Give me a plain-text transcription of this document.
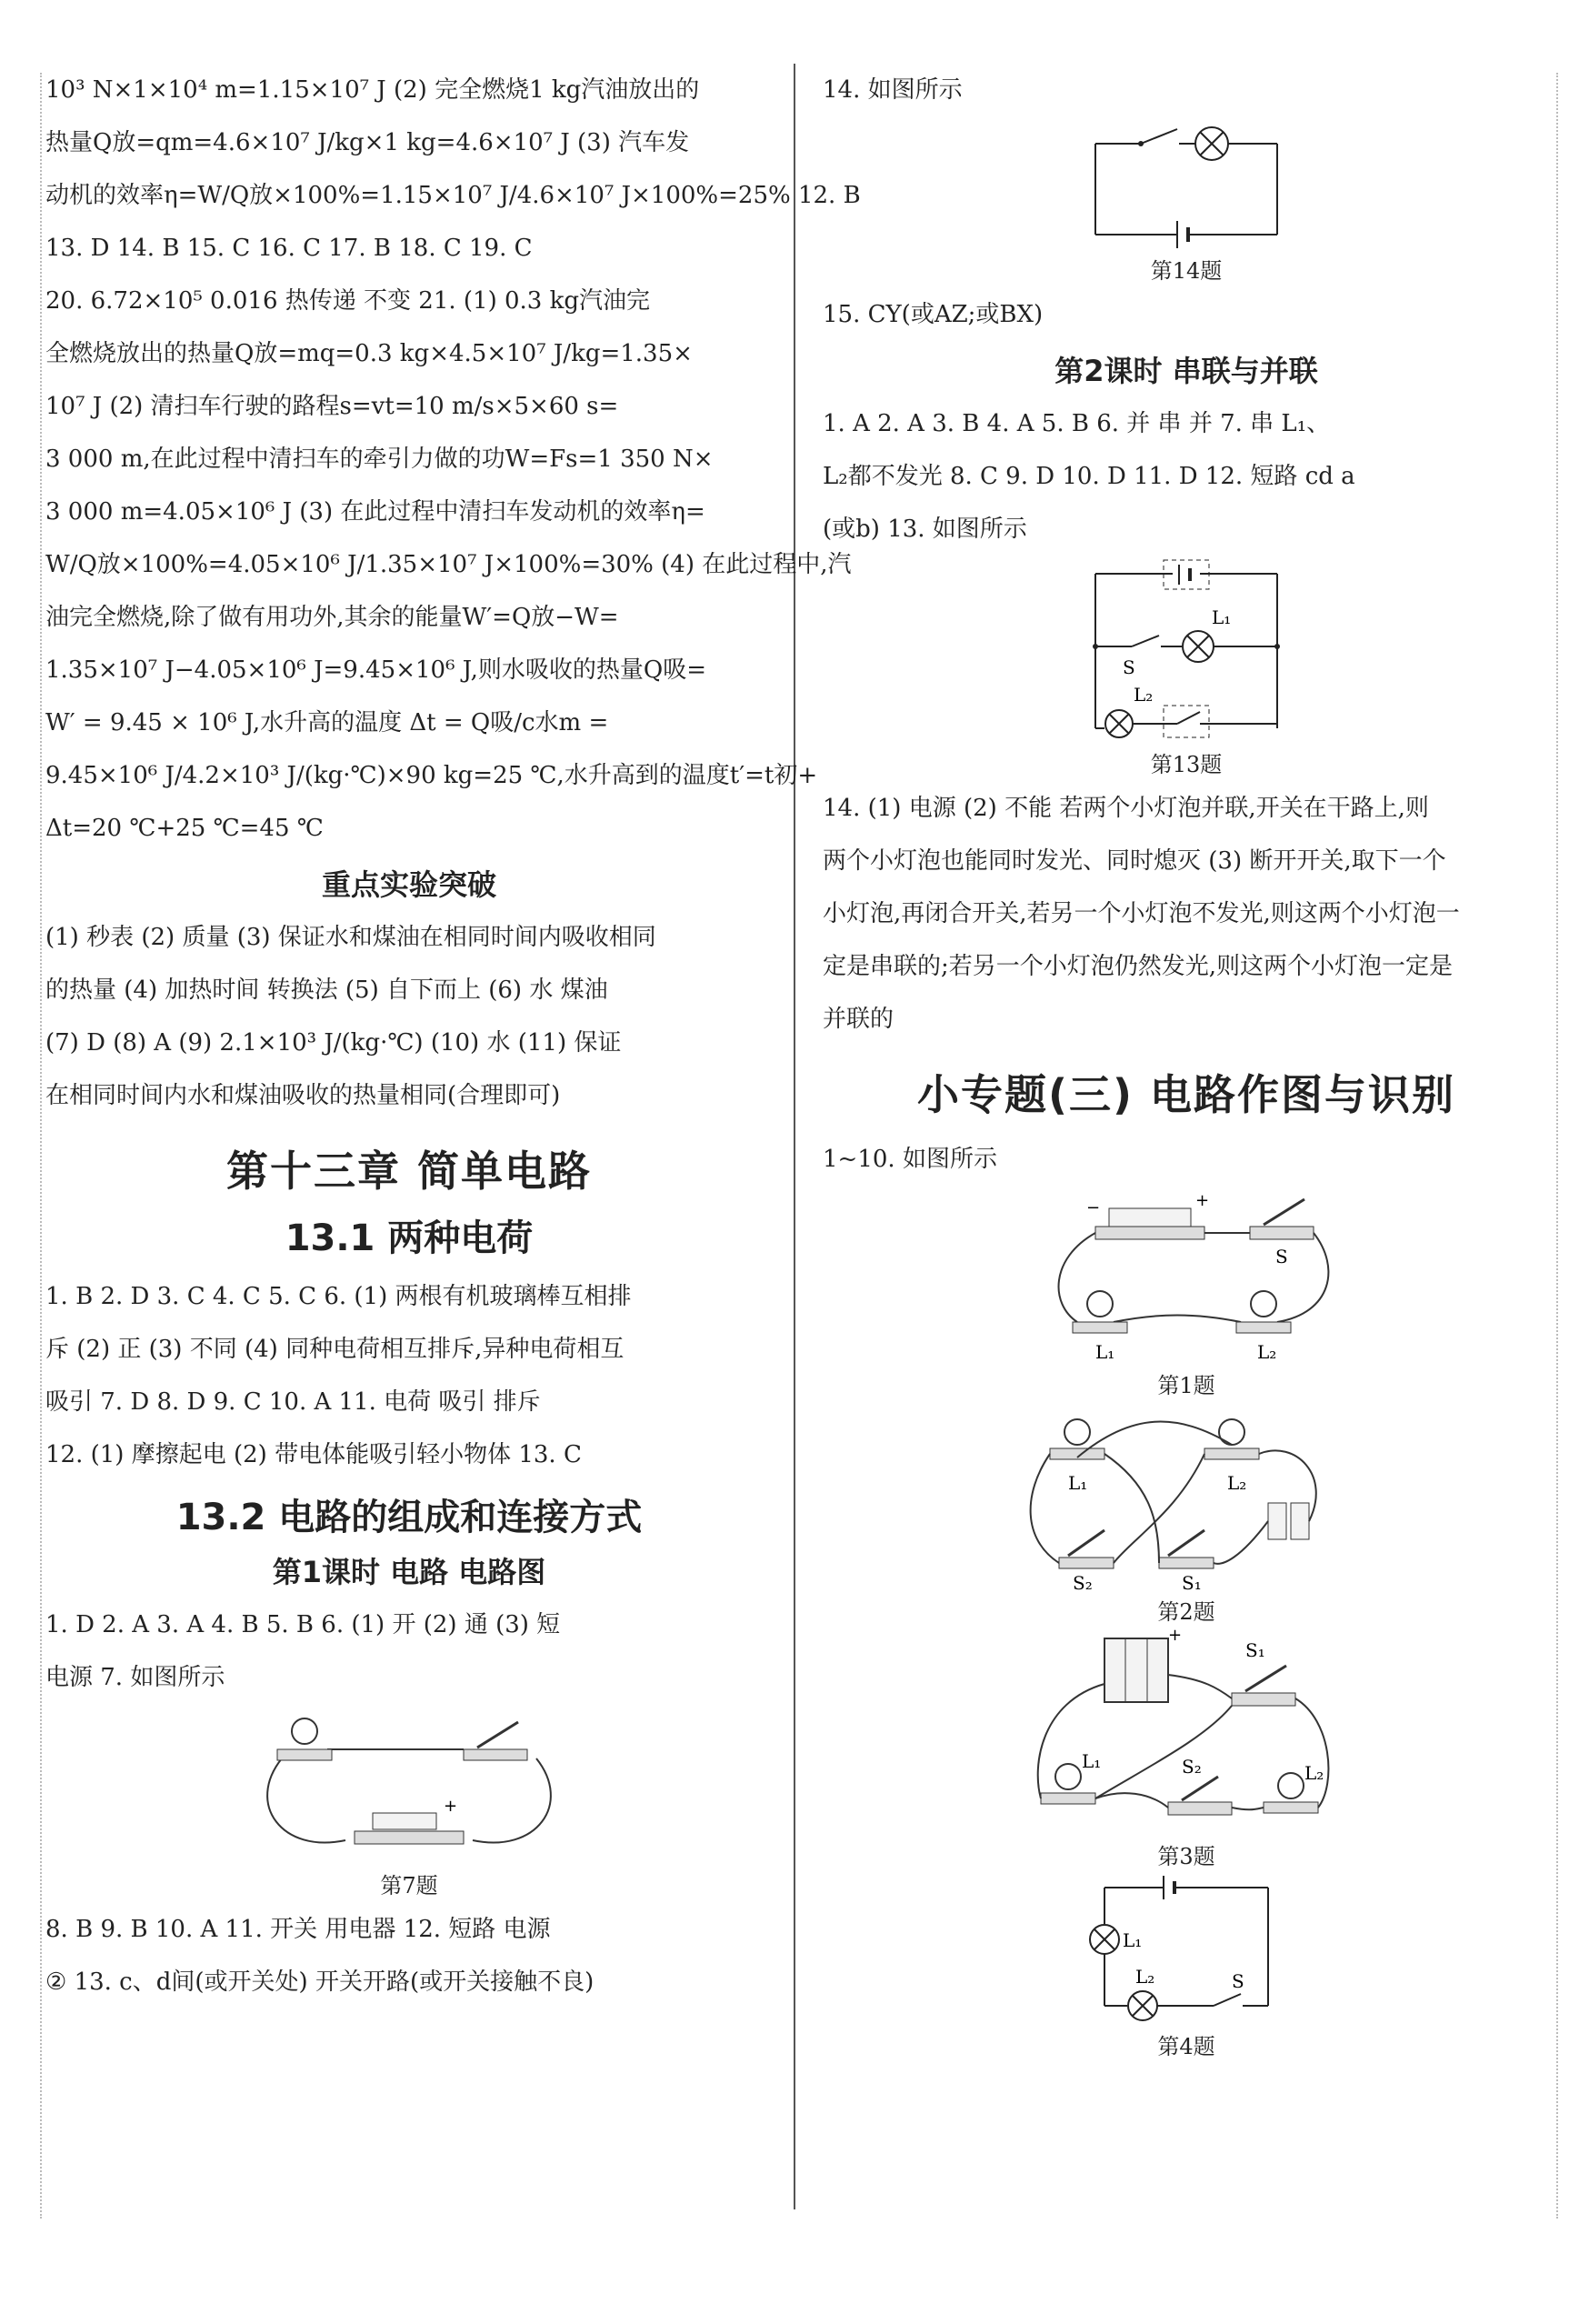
10³ N×1×10⁴ m=1.15×10⁷ J (2) 完全燃烧1 kg汽油放出的

热量Q放=qm=4.6×10⁷ J/kg×1 kg=4.6×10⁷ J (3) 汽车发

动机的效率η=W/Q放×100%=1.15×10⁷ J/4.6×10⁷ J×100%=25% 12. B

13. D 14. B 15. C 16. C 17. B 18. C 19. C

20. 6.72×10⁵ 0.016 热传递 不变 21. (1) 0.3 kg汽油完

全燃烧放出的热量Q放=mq=0.3 kg×4.5×10⁷ J/kg=1.35×

10⁷ J (2) 清扫车行驶的路程s=vt=10 m/s×5×60 s=

3 000 m,在此过程中清扫车的牵引力做的功W=Fs=1 350 N×

3 000 m=4.05×10⁶ J (3) 在此过程中清扫车发动机的效率η=

W/Q放×100%=4.05×10⁶ J/1.35×10⁷ J×100%=30% (4) 在此过程中,汽

油完全燃烧,除了做有用功外,其余的能量W′=Q放−W=

1.35×10⁷ J−4.05×10⁶ J=9.45×10⁶ J,则水吸收的热量Q吸=

W′ = 9.45 × 10⁶ J,水升高的温度 Δt = Q吸/c水m =

9.45×10⁶ J/4.2×10³ J/(kg·℃)×90 kg=25 ℃,水升高到的温度t′=t初+

Δt=20 ℃+25 ℃=45 ℃

重点实验突破

(1) 秒表 (2) 质量 (3) 保证水和煤油在相同时间内吸收相同

的热量 (4) 加热时间 转换法 (5) 自下而上 (6) 水 煤油

(7) D (8) A (9) 2.1×10³ J/(kg·℃) (10) 水 (11) 保证

在相同时间内水和煤油吸收的热量相同(合理即可)

第十三章 简单电路
13.1 两种电荷

1. B 2. D 3. C 4. C 5. C 6. (1) 两根有机玻璃棒互相排

斥 (2) 正 (3) 不同 (4) 同种电荷相互排斥,异种电荷相互

吸引 7. D 8. D 9. C 10. A 11. 电荷 吸引 排斥

12. (1) 摩擦起电 (2) 带电体能吸引轻小物体 13. C

13.2 电路的组成和连接方式
第1课时 电路 电路图

1. D 2. A 3. A 4. B 5. B 6. (1) 开 (2) 通 (3) 短

电源 7. 如图所示

+

第7题

8. B 9. B 10. A 11. 开关 用电器 12. 短路 电源

② 13. c、d间(或开关处) 开关开路(或开关接触不良)

14. 如图所示

第14题

15. CY(或AZ;或BX)

第2课时 串联与并联

1. A 2. A 3. B 4. A 5. B 6. 并 串 并 7. 串 L₁、

L₂都不发光 8. C 9. D 10. D 11. D 12. 短路 cd a

(或b) 13. 如图所示

S
L₁
L₂

第13题

14. (1) 电源 (2) 不能 若两个小灯泡并联,开关在干路上,则

两个小灯泡也能同时发光、同时熄灭 (3) 断开开关,取下一个

小灯泡,再闭合开关,若另一个小灯泡不发光,则这两个小灯泡一

定是串联的;若另一个小灯泡仍然发光,则这两个小灯泡一定是

并联的

小专题(三) 电路作图与识别

1~10. 如图所示

−	+
S
L₁	L₂

第1题

L₁	L₂
S₂	S₁

第2题

+
S₁
L₁	S₂	L₂

第3题

L₁
L₂	S

第4题
